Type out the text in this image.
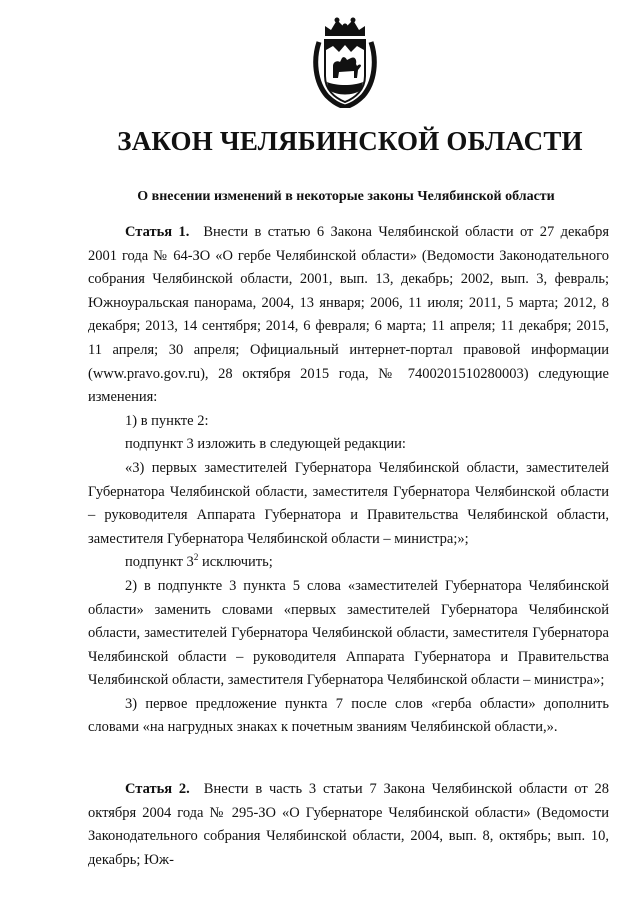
ЗАКОН ЧЕЛЯБИНСКОЙ ОБЛАСТИ
О внесении изменений в некоторые законы Челябинской области

Статья 1. Внести в статью 6 Закона Челябинской области от 27 декабря 2001 года № 64-ЗО «О гербе Челябинской области» (Ведомости Законодательного собрания Челябинской области, 2001, вып. 13, декабрь; 2002, вып. 3, февраль; Южноуральская панорама, 2004, 13 января; 2006, 11 июля; 2011, 5 марта; 2012, 8 декабря; 2013, 14 сентября; 2014, 6 февраля; 6 марта; 11 апреля; 11 декабря; 2015, 11 апреля; 30 апреля; Официальный интернет-портал правовой информации (www.pravo.gov.ru), 28 октября 2015 года, № 7400201510280003) следующие изменения:

1) в пункте 2:

подпункт 3 изложить в следующей редакции:

«3) первых заместителей Губернатора Челябинской области, заместителей Губернатора Челябинской области, заместителя Губернатора Челябинской области – руководителя Аппарата Губернатора и Правительства Челябинской области, заместителя Губернатора Челябинской области – министра;»;

подпункт $3^2$ исключить;

2) в подпункте 3 пункта 5 слова «заместителей Губернатора Челябинской области» заменить словами «первых заместителей Губернатора Челябинской области, заместителей Губернатора Челябинской области, заместителя Губернатора Челябинской области – руководителя Аппарата Губернатора и Правительства Челябинской области, заместителя Губернатора Челябинской области – министра»;

3) первое предложение пункта 7 после слов «герба области» дополнить словами «на нагрудных знаках к почетным званиям Челябинской области,».

Статья 2. Внести в часть 3 статьи 7 Закона Челябинской области от 28 октября 2004 года № 295-ЗО «О Губернаторе Челябинской области» (Ведомости Законодательного собрания Челябинской области, 2004, вып. 8, октябрь; вып. 10, декабрь; Юж-
